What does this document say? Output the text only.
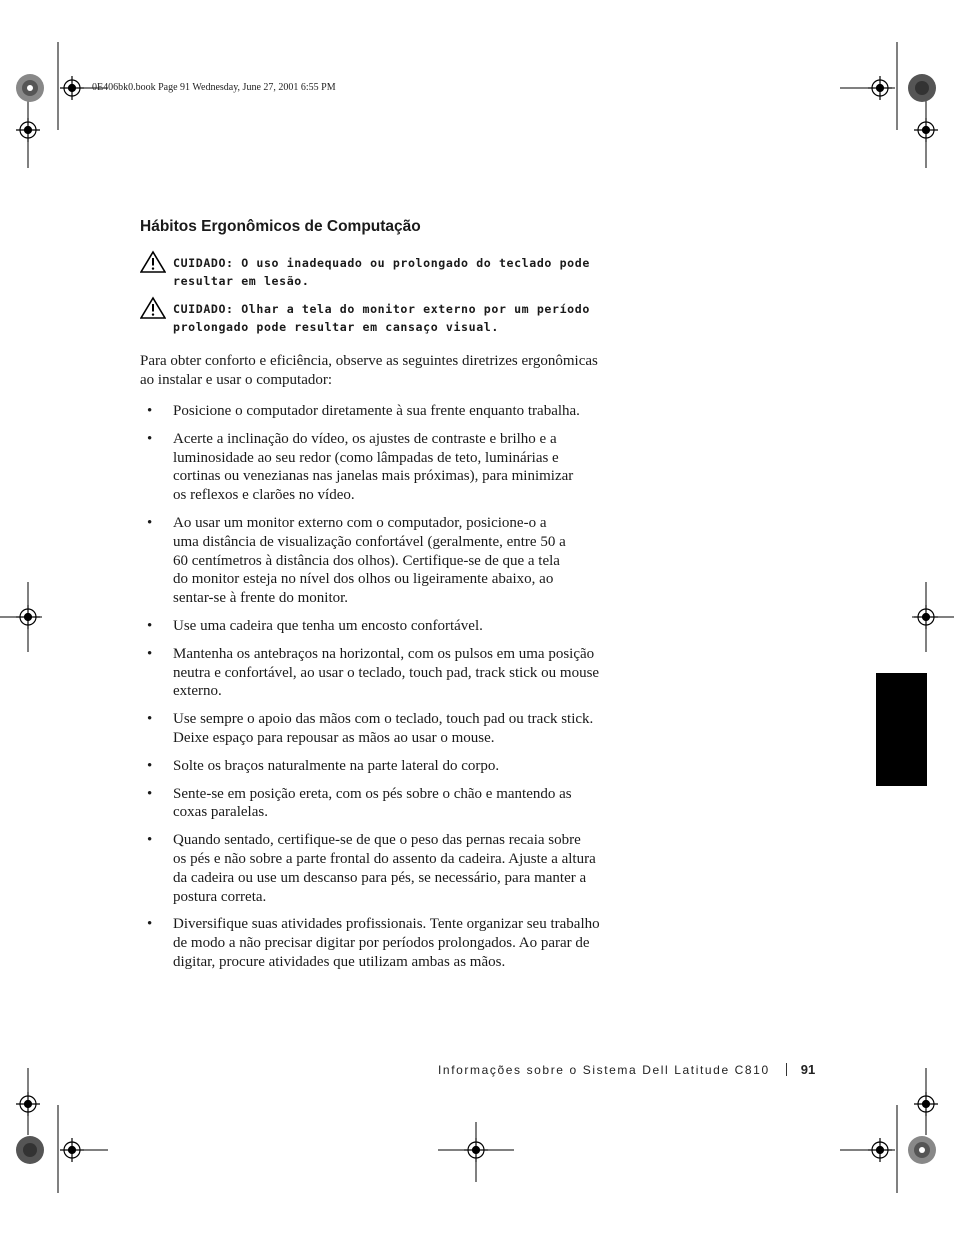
0E406bk0.book Page 91 Wednesday, June 27, 2001 6:55 PM
Hábitos Ergonômicos de Computação
CUIDADO: O uso inadequado ou prolongado do teclado pode
resultar em lesão.
CUIDADO: Olhar a tela do monitor externo por um período
prolongado pode resultar em cansaço visual.
Para obter conforto e eficiência, observe as seguintes diretrizes ergonômicas
ao instalar e usar o computador:
• Posicione o computador diretamente à sua frente enquanto trabalha.
• Acerte a inclinação do vídeo, os ajustes de contraste e brilho e a
luminosidade ao seu redor (como lâmpadas de teto, luminárias e
cortinas ou venezianas nas janelas mais próximas), para minimizar
os reflexos e clarões no vídeo.
• Ao usar um monitor externo com o computador, posicione-o a
uma distância de visualização confortável (geralmente, entre 50 a
60 centímetros à distância dos olhos). Certifique-se de que a tela
do monitor esteja no nível dos olhos ou ligeiramente abaixo, ao
sentar-se à frente do monitor.
• Use uma cadeira que tenha um encosto confortável.
• Mantenha os antebraços na horizontal, com os pulsos em uma posição
neutra e confortável, ao usar o teclado, touch pad, track stick ou mouse
externo.
• Use sempre o apoio das mãos com o teclado, touch pad ou track stick.
Deixe espaço para repousar as mãos ao usar o mouse.
• Solte os braços naturalmente na parte lateral do corpo.
• Sente-se em posição ereta, com os pés sobre o chão e mantendo as
coxas paralelas.
• Quando sentado, certifique-se de que o peso das pernas recaia sobre
os pés e não sobre a parte frontal do assento da cadeira. Ajuste a altura
da cadeira ou use um descanso para pés, se necessário, para manter a
postura correta.
• Diversifique suas atividades profissionais. Tente organizar seu trabalho
de modo a não precisar digitar por períodos prolongados. Ao parar de
digitar, procure atividades que utilizam ambas as mãos.
Informações sobre o Sistema Dell Latitude C810 91
